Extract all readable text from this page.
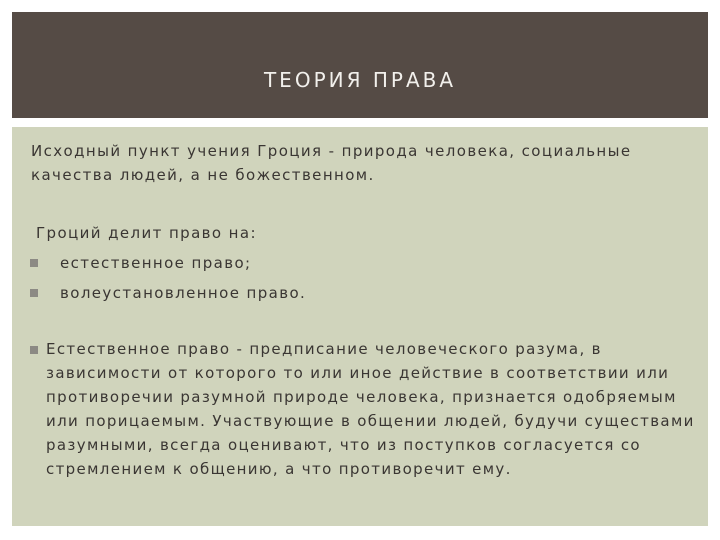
ТЕОРИЯ ПРАВА

Исходный пункт учения Гроция - природа человека, социальные качества людей, а не божественном.

Гроций делит право на:

естественное право;
волеустановленное право.

Естественное право - предписание человеческого разума, в зависимости от которого то или иное действие в соответствии или противоречии разумной природе человека, признается одобряемым или порицаемым. Участвующие в общении людей, будучи существами разумными, всегда оценивают, что из поступков согласуется со стремлением к общению, а что противоречит ему.
